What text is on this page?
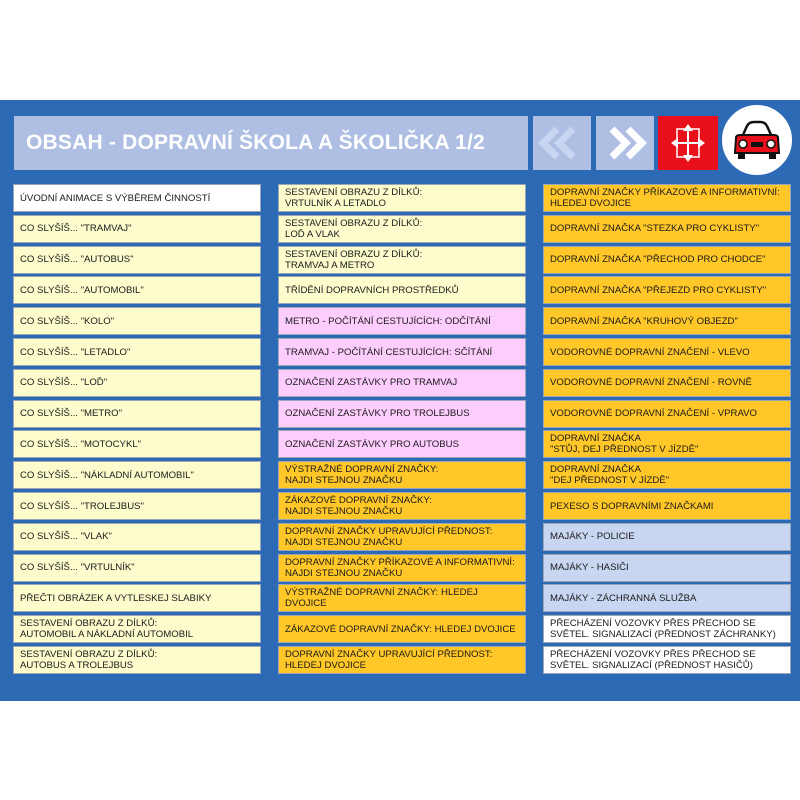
OBSAH - DOPRAVNÍ ŠKOLA A ŠKOLIČKA 1/2
ÚVODNÍ ANIMACE S VÝBĚREM ČINNOSTÍ
CO SLYŠÍŠ... "TRAMVAJ"
CO SLYŠÍŠ... "AUTOBUS"
CO SLYŠÍŠ... "AUTOMOBIL"
CO SLYŠÍŠ... "KOLO"
CO SLYŠÍŠ... "LETADLO"
CO SLYŠÍŠ... "LOĎ"
CO SLYŠÍŠ... "METRO"
CO SLYŠÍŠ... "MOTOCYKL"
CO SLYŠÍŠ... "NÁKLADNÍ AUTOMOBIL"
CO SLYŠÍŠ... "TROLEJBUS"
CO SLYŠÍŠ... "VLAK"
CO SLYŠÍŠ... "VRTULNÍK"
PŘEČTI OBRÁZEK A VYTLESKEJ SLABIKY
SESTAVENÍ OBRAZU Z DÍLKŮ:
AUTOMOBIL A NÁKLADNÍ AUTOMOBIL
SESTAVENÍ OBRAZU Z DÍLKŮ:
AUTOBUS A TROLEJBUS
SESTAVENÍ OBRAZU Z DÍLKŮ:
VRTULNÍK A LETADLO
SESTAVENÍ OBRAZU Z DÍLKŮ:
LOĎ A VLAK
SESTAVENÍ OBRAZU Z DÍLKŮ:
TRAMVAJ A METRO
TŘÍDĚNÍ DOPRAVNÍCH PROSTŘEDKŮ
METRO - POČÍTÁNÍ CESTUJÍCÍCH: ODČÍTÁNÍ
TRAMVAJ - POČÍTÁNÍ CESTUJÍCÍCH: SČÍTÁNÍ
OZNAČENÍ ZASTÁVKY PRO TRAMVAJ
OZNAČENÍ ZASTÁVKY PRO TROLEJBUS
OZNAČENÍ ZASTÁVKY PRO AUTOBUS
VÝSTRAŽNÉ DOPRAVNÍ ZNAČKY:
NAJDI STEJNOU ZNAČKU
ZÁKAZOVÉ DOPRAVNÍ ZNAČKY:
NAJDI STEJNOU ZNAČKU
DOPRAVNÍ ZNAČKY UPRAVUJÍCÍ PŘEDNOST:
NAJDI STEJNOU ZNAČKU
DOPRAVNÍ ZNAČKY PŘÍKAZOVÉ A INFORMATIVNÍ:
NAJDI STEJNOU ZNAČKU
VÝSTRAŽNÉ DOPRAVNÍ ZNAČKY: HLEDEJ DVOJICE
ZÁKAZOVÉ DOPRAVNÍ ZNAČKY: HLEDEJ DVOJICE
DOPRAVNÍ ZNAČKY UPRAVUJÍCÍ PŘEDNOST:
HLEDEJ DVOJICE
DOPRAVNÍ ZNAČKY PŘÍKAZOVÉ A INFORMATIVNÍ:
HLEDEJ DVOJICE
DOPRAVNÍ ZNAČKA "STEZKA PRO CYKLISTY"
DOPRAVNÍ ZNAČKA "PŘECHOD PRO CHODCE"
DOPRAVNÍ ZNAČKA "PŘEJEZD PRO CYKLISTY"
DOPRAVNÍ ZNAČKA "KRUHOVÝ OBJEZD"
VODOROVNÉ DOPRAVNÍ ZNAČENÍ - VLEVO
VODOROVNÉ DOPRAVNÍ ZNAČENÍ - ROVNĚ
VODOROVNÉ DOPRAVNÍ ZNAČENÍ - VPRAVO
DOPRAVNÍ ZNAČKA
"STŮJ, DEJ PŘEDNOST V JÍZDĚ"
DOPRAVNÍ ZNAČKA
"DEJ PŘEDNOST V JÍZDĚ"
PEXESO S DOPRAVNÍMI ZNAČKAMI
MAJÁKY - POLICIE
MAJÁKY - HASIČI
MAJÁKY - ZÁCHRANNÁ SLUŽBA
PŘECHÁZENÍ VOZOVKY PŘES PŘECHOD SE
SVĚTEL. SIGNALIZACÍ (PŘEDNOST ZÁCHRANKY)
PŘECHÁZENÍ VOZOVKY PŘES PŘECHOD SE
SVĚTEL. SIGNALIZACÍ (PŘEDNOST HASIČŮ)
